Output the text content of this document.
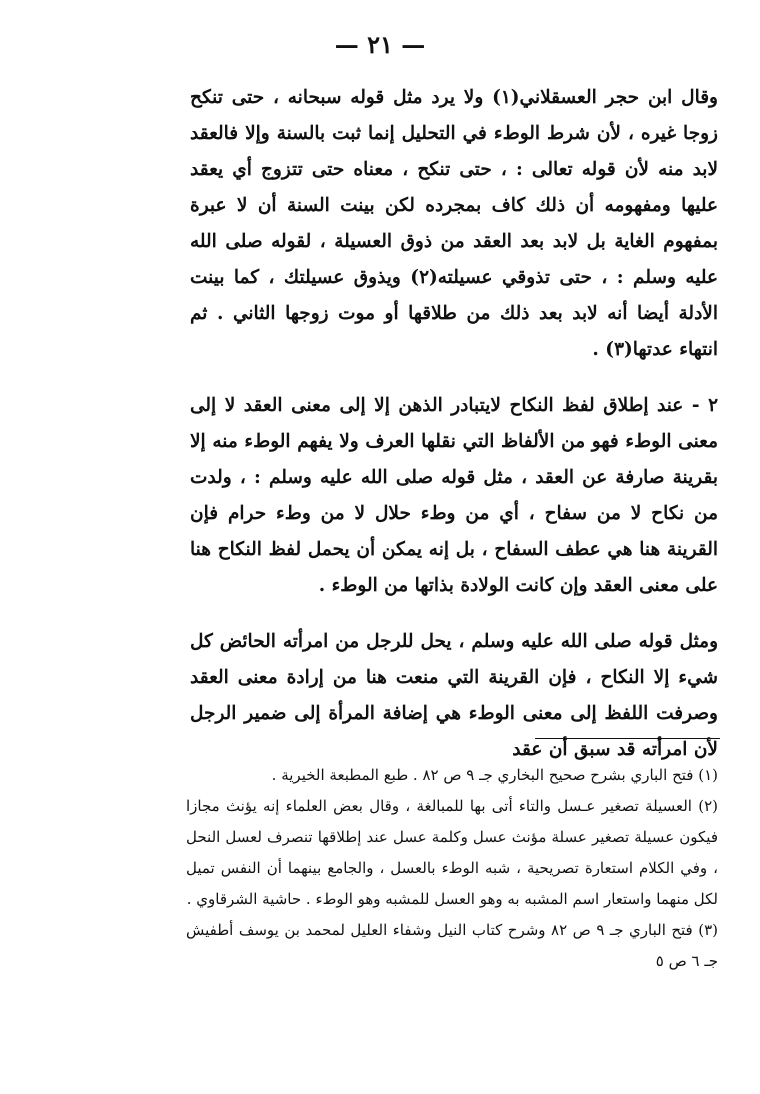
— ٢١ —

وقال ابن حجر العسقلاني(١) ولا يرد مثل قوله سبحانه ، حتى تنكح زوجا غيره ، لأن شرط الوطء في التحليل إنما ثبت بالسنة وإلا فالعقد لابد منه لأن قوله تعالى : ، حتى تنكح ، معناه حتى تتزوج أي يعقد عليها ومفهومه أن ذلك كاف بمجرده لكن بينت السنة أن لا عبرة بمفهوم الغاية بل لابد بعد العقد من ذوق العسيلة ، لقوله صلى الله عليه وسلم : ، حتى تذوقي عسيلته(٢) ويذوق عسيلتك ، كما بينت الأدلة أيضا أنه لابد بعد ذلك من طلاقها أو موت زوجها الثاني . ثم انتهاء عدتها(٣) .

٢ - عند إطلاق لفظ النكاح لايتبادر الذهن إلا إلى معنى العقد لا إلى معنى الوطء فهو من الألفاظ التي نقلها العرف ولا يفهم الوطء منه إلا بقرينة صارفة عن العقد ، مثل قوله صلى الله عليه وسلم : ، ولدت من نكاح لا من سفاح ، أي من وطء حلال لا من وطء حرام فإن القرينة هنا هي عطف السفاح ، بل إنه يمكن أن يحمل لفظ النكاح هنا على معنى العقد وإن كانت الولادة بذاتها من الوطء .

ومثل قوله صلى الله عليه وسلم ، يحل للرجل من امرأته الحائض كل شيء إلا النكاح ، فإن القرينة التي منعت هنا من إرادة معنى العقد وصرفت اللفظ إلى معنى الوطء هي إضافة المرأة إلى ضمير الرجل لأن امرأته قد سبق أن عقد

(١) فتح الباري بشرح صحيح البخاري جـ ٩ ص ٨٢ . طبع المطبعة الخيرية .

(٢) العسيلة تصغير عـسل والتاء أتى بها للمبالغة ، وقال بعض العلماء إنه يؤنث مجازا فيكون عسيلة تصغير عسلة مؤنث عسل وكلمة عسل عند إطلاقها تنصرف لعسل النحل ، وفي الكلام استعارة تصريحية ، شبه الوطء بالعسل ، والجامع بينهما أن النفس تميل لكل منهما واستعار اسم المشبه به وهو العسل للمشبه وهو الوطء . حاشية الشرقاوي .

(٣) فتح الباري جـ ٩ ص ٨٢ وشرح كتاب النيل وشفاء العليل لمحمد بن يوسف أطفيش جـ ٦ ص ٥
